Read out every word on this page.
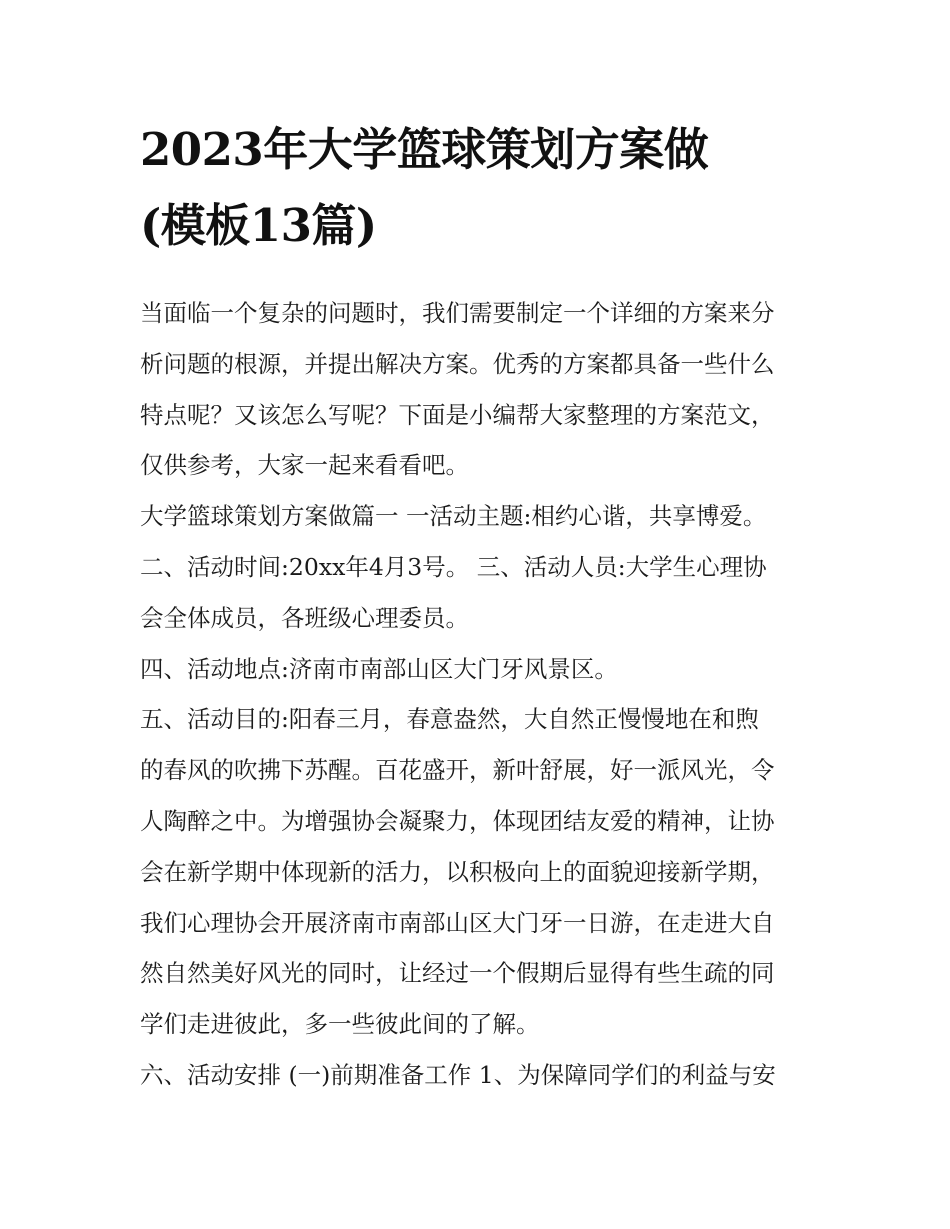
2023年大学篮球策划方案做
(模板13篇)

当面临一个复杂的问题时，我们需要制定一个详细的方案来分
析问题的根源，并提出解决方案。优秀的方案都具备一些什么
特点呢？又该怎么写呢？下面是小编帮大家整理的方案范文，
仅供参考，大家一起来看看吧。

大学篮球策划方案做篇一 一活动主题:相约心谐，共享博爱。

二、活动时间:20xx年4月3号。 三、活动人员:大学生心理协
会全体成员，各班级心理委员。

四、活动地点:济南市南部山区大门牙风景区。

五、活动目的:阳春三月，春意盎然，大自然正慢慢地在和煦
的春风的吹拂下苏醒。百花盛开，新叶舒展，好一派风光，令
人陶醉之中。为增强协会凝聚力，体现团结友爱的精神，让协
会在新学期中体现新的活力，以积极向上的面貌迎接新学期，
我们心理协会开展济南市南部山区大门牙一日游，在走进大自
然自然美好风光的同时，让经过一个假期后显得有些生疏的同
学们走进彼此，多一些彼此间的了解。

六、活动安排 (一)前期准备工作 1、为保障同学们的利益与安
